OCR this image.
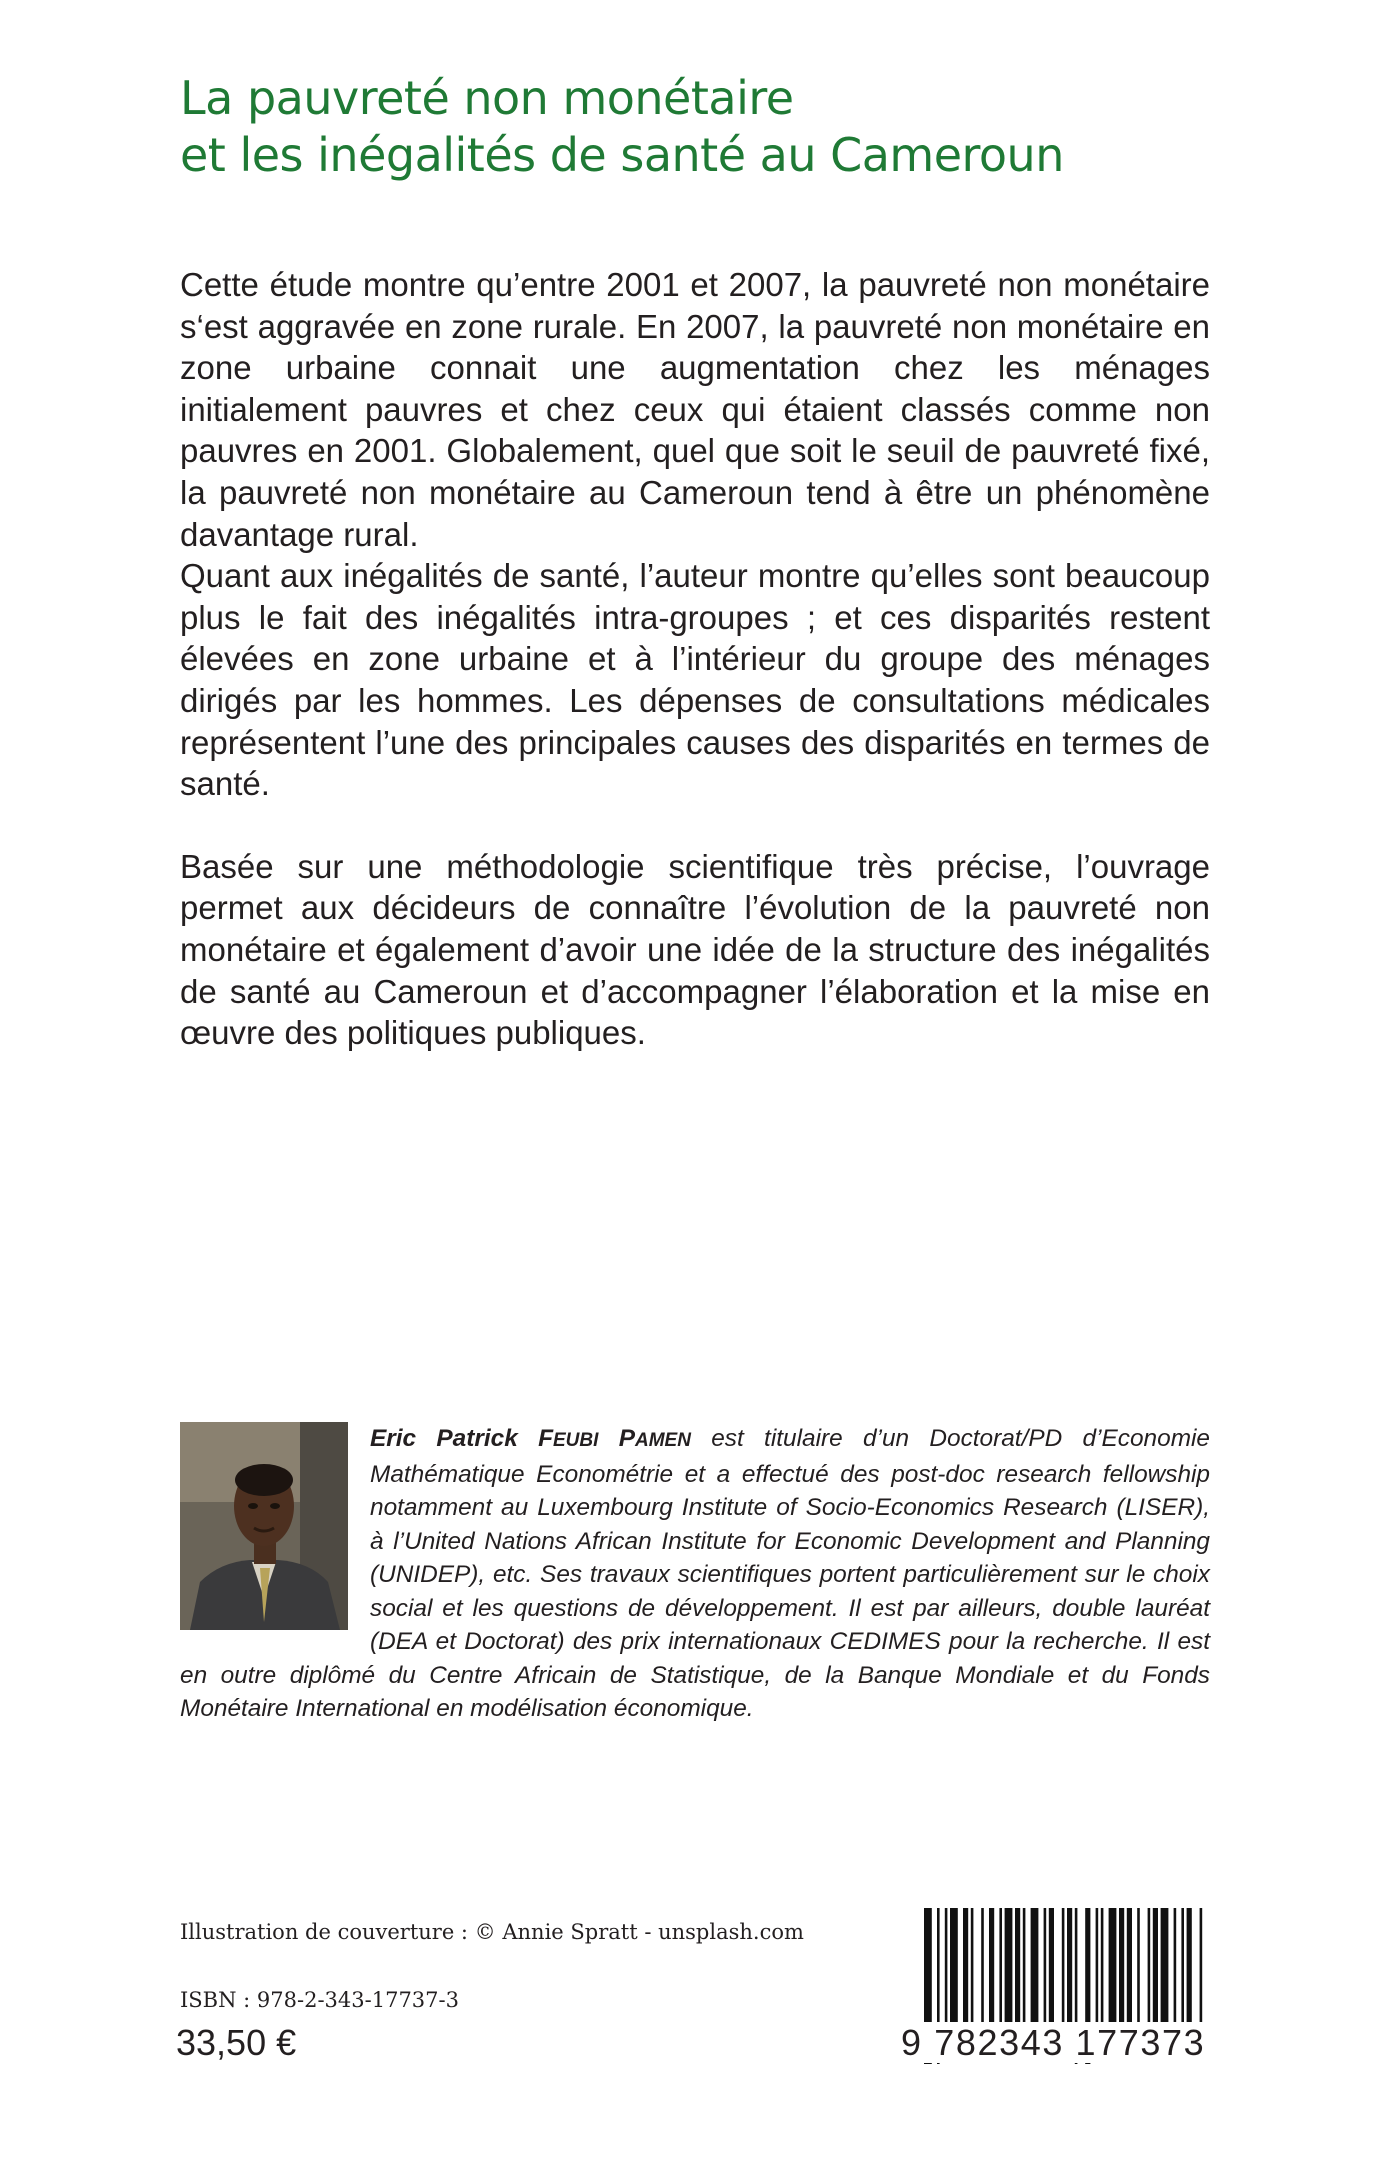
La pauvreté non monétaire
et les inégalités de santé au Cameroun

Cette étude montre qu’entre 2001 et 2007, la pauvreté non monétaire s‘est aggravée en zone rurale. En 2007, la pauvreté non monétaire en zone urbaine connait une augmentation chez les ménages initialement pauvres et chez ceux qui étaient classés comme non pauvres en 2001. Globalement, quel que soit le seuil de pauvreté fixé, la pauvreté non monétaire au Cameroun tend à être un phénomène davantage rural.

Quant aux inégalités de santé, l’auteur montre qu’elles sont beaucoup plus le fait des inégalités intra-groupes ; et ces disparités restent élevées en zone urbaine et à l’intérieur du groupe des ménages dirigés par les hommes. Les dépenses de consultations médicales représentent l’une des principales causes des disparités en termes de santé.

Basée sur une méthodologie scientifique très précise, l’ouvrage permet aux décideurs de connaître l’évolution de la pauvreté non monétaire et également d’avoir une idée de la structure des inégalités de santé au Cameroun et d’accompagner l’élaboration et la mise en œuvre des politiques publiques.

Eric Patrick FEUBI PAMEN est titulaire d’un Doctorat/PD d’Economie Mathématique Econométrie et a effectué des post-doc research fellowship notamment au Luxembourg Institute of Socio-Economics Research (LISER), à l’United Nations African Institute for Economic Development and Planning (UNIDEP), etc. Ses travaux scientifiques portent particulièrement sur le choix social et les questions de développement. Il est par ailleurs, double lauréat (DEA et Doctorat) des prix internationaux CEDIMES pour la recherche. Il est en outre diplômé du Centre Africain de Statistique, de la Banque Mondiale et du Fonds Monétaire International en modélisation économique.

Illustration de couverture : © Annie Spratt - unsplash.com

ISBN : 978-2-343-17737-3

33,50 €	9 782343 177373
